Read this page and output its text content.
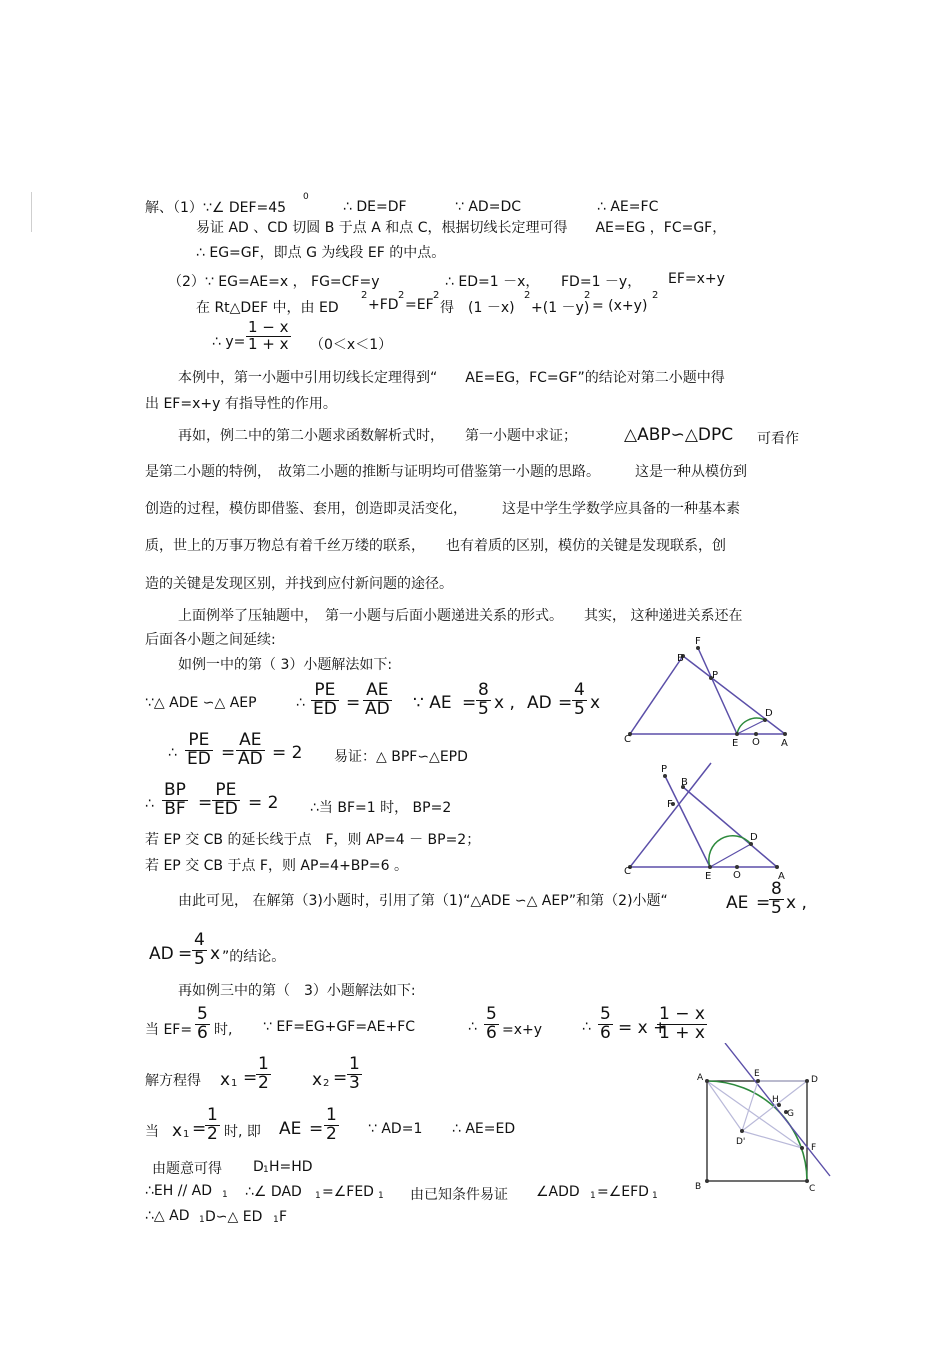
解、（1）∵∠ DEF=45
0
∴ DE=DF	∵ AD=DC	∴ AE=FC
易证 AD 、CD 切圆 B 于点 A 和点 C，根据切线长定理可得　　AE=EG ，FC=GF，
∴ EG=GF，即点 G 为线段 EF 的中点。
（2）∵ EG=AE=x ， FG=CF=y	∴ ED=1 －x， FD=1 －y， EF=x+y
在 Rt△DEF 中，由 ED
2
+FD
2
=EF
2
得　(1 －x)
2
+(1 －y)
2
= (x+y)
2
∴ $y= \frac{1 - x}{1 + x} (0<x<1)$
本例中，第一小题中引用切线长定理得到“　　AE=EG，FC=GF”的结论对第二小题中得
出 EF=x+y 有指导性的作用。
再如，例二中的第二小题求函数解析式时，　　第一小题中求证；	△ABP∽△DPC 可看作
是第二小题的特例，　故第二小题的推断与证明均可借鉴第一小题的思路。　　　这是一种从模仿到
创造的过程，模仿即借鉴、套用，创造即灵活变化，　　　这是中学生学数学应具备的一种基本素
质，世上的万事万物总有着千丝万缕的联系，　　也有着质的区别，模仿的关键是发现联系，创
造的关键是发现区别，并找到应付新问题的途径。
上面例举了压轴题中，　第一小题与后面小题递进关系的形式。　　其实， 这种递进关系还在
后面各小题之间延续:
如例一中的第（ 3）小题解法如下:
∵△ ADE ∽△ AEP	∴ $\frac{PE}{ED} = \frac{AE}{AD}$ ∵ AE = $\frac{8}{5}$ x , AD = $\frac{4}{5}$ x
∴ $\frac{PE}{ED} = \frac{AE}{AD} = 2$ 易证：△ BPF∽△EPD
∴ $\frac{BP}{BF} = \frac{PE}{ED} = 2$ ∴当 BF=1 时， BP=2
若 EP 交 CB 的延长线于点　F，则 AP=4 － BP=2；
若 EP 交 CB 于点 F，则 AP=4+BP=6 。
由此可见， 在解第（3)小题时，引用了第（1)“△ADE ∽△ AEP”和第（2)小题“	AE =
$\frac{8}{5}$ x ,
AD = $\frac{4}{5}$ x ”的结论。
再如例三中的第（　3）小题解法如下:
当 $EF= \frac{5}{6}$ 时, ∵ EF=EG+GF=AE+FC	∴ $\frac{5}{6} =x+y$	∴ $\frac{5}{6} = x$ +
$\frac{1 - x}{1 + x}$
解方程得 x 1 =
$\frac{1}{2}$ x $2 = \frac{1}{3}$
当 x 1 =
$\frac{1}{2}$ 时, 即 AE = $\frac{1}{2}$ ∵ AD=1 ∴ AE=ED
由题意可得 D 1 H=HD
∴EH // AD 1 ∴∠ DAD 1 =∠FED 1 由已知条件易证 ∠ADD 1 =∠EFD 1
∴△ AD 1 D∽△ ED 1 F
F
B
P
D
C	E O A
P
B
F
D
C	E O	A
A	E
D
H
G
D'
F
B	C
